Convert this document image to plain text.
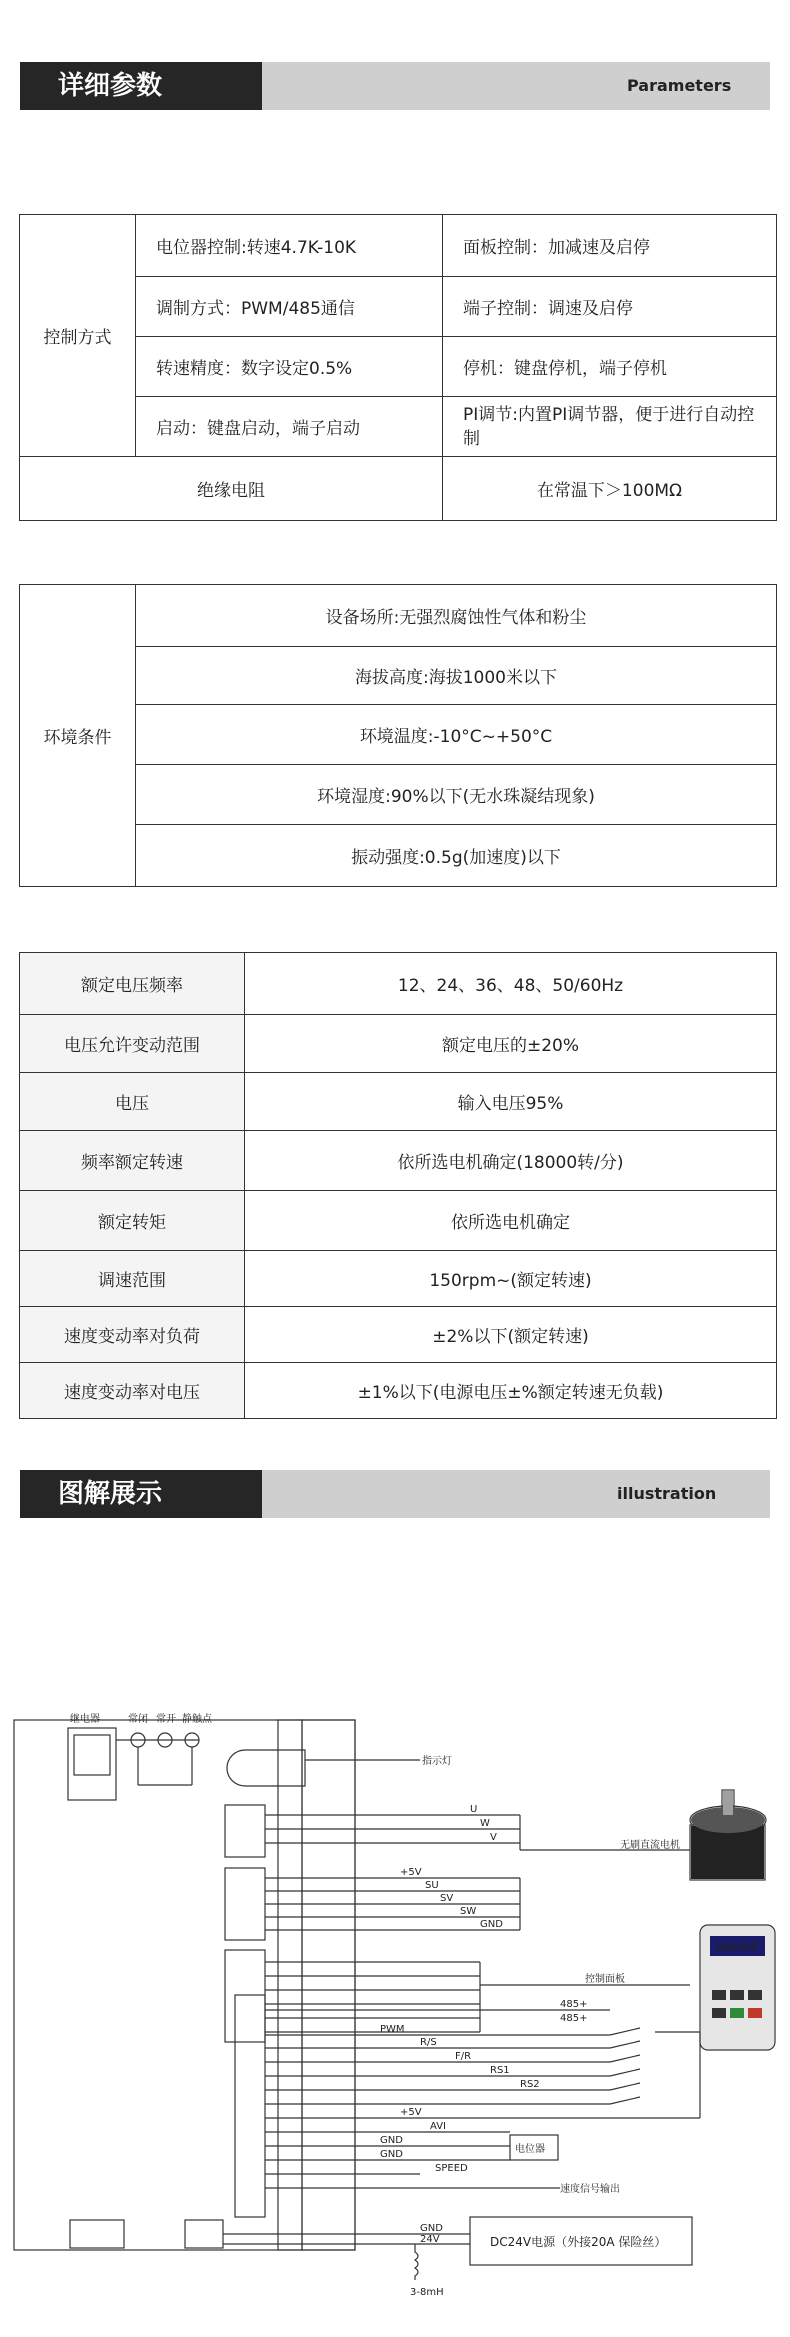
详细参数	Parameters
控制方式	电位器控制:转速4.7K-10K	面板控制：加减速及启停
	调制方式：PWM/485通信	端子控制：调速及启停
	转速精度：数字设定0.5%	停机：键盘停机，端子停机
	启动：键盘启动，端子启动	PI调节:内置PI调节器，便于进行自动控制
绝缘电阻		在常温下＞100MΩ
环境条件	设备场所:无强烈腐蚀性气体和粉尘
海拔高度:海拔1000米以下
环境温度:-10°C~+50°C
环境湿度:90%以下(无水珠凝结现象)
振动强度:0.5g(加速度)以下
额定电压频率	12、24、36、48、50/60Hz
电压允许变动范围	额定电压的±20%
电压	输入电压95%
频率额定转速	依所选电机确定(18000转/分)
额定转矩	依所选电机确定
调速范围	150rpm~(额定转速)
速度变动率对负荷	±2%以下(额定转速)
速度变动率对电压	±1%以下(电源电压±%额定转速无负载)
图解展示	illustration
888888
继电器	常闭 常开 静触点
指示灯
U
W
V
无刷直流电机
+5V
SU
SV
SW
GND
控制面板
485+
485+
PWM
R/S
F/R
RS1
RS2
+5V
AVI
GND
GND	电位器
SPEED
速度信号输出
GND
24V	DC24V电源（外接20A 保险丝）
3-8mH
